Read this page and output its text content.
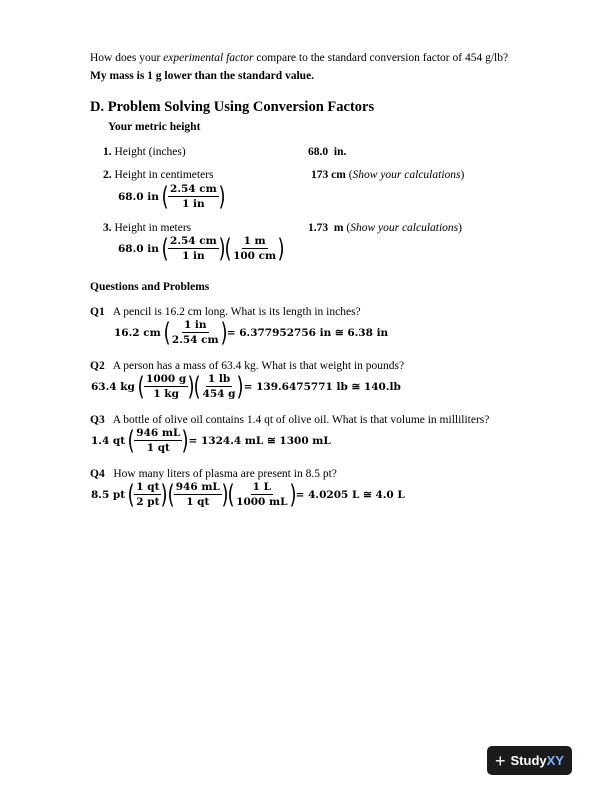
How does your experimental factor compare to the standard conversion factor of 454 g/lb?
My mass is 1 g lower than the standard value.
D. Problem Solving Using Conversion Factors
Your metric height
1. Height (inches)	68.0 in.
2. Height in centimeters	173 cm (Show your calculations)
68.0 in ( $\frac{2.54 cm}{1 in}$ )
3. Height in meters	1.73 m (Show your calculations)
68.0 in ( $\frac{2.54 cm}{1 in}$ ) ( $\frac{1 m}{100 cm}$ )
Questions and Problems
Q1 A pencil is 16.2 cm long. What is its length in inches?
16.2 cm ( $\frac{1 in}{2.54 cm}$ ) = 6.377952756 in ≅ 6.38 in
Q2 A person has a mass of 63.4 kg. What is that weight in pounds?
63.4 kg ( $\frac{1000 g}{1 kg}$ ) ( $\frac{1 lb}{454 g}$ ) = 139.6475771 lb ≅ 140.lb
Q3 A bottle of olive oil contains 1.4 qt of olive oil. What is that volume in milliliters?
1.4 qt ( $\frac{946 mL}{1 qt}$ ) = 1324.4 mL ≅ 1300 mL
Q4 How many liters of plasma are present in 8.5 pt?
8.5 pt ( $\frac{1 qt}{2 pt}$ ) ( $\frac{946 mL}{1 qt}$ ) ( $\frac{1 L}{1000 mL}$ ) = 4.0205 L ≅ 4.0 L
+ Study XY
